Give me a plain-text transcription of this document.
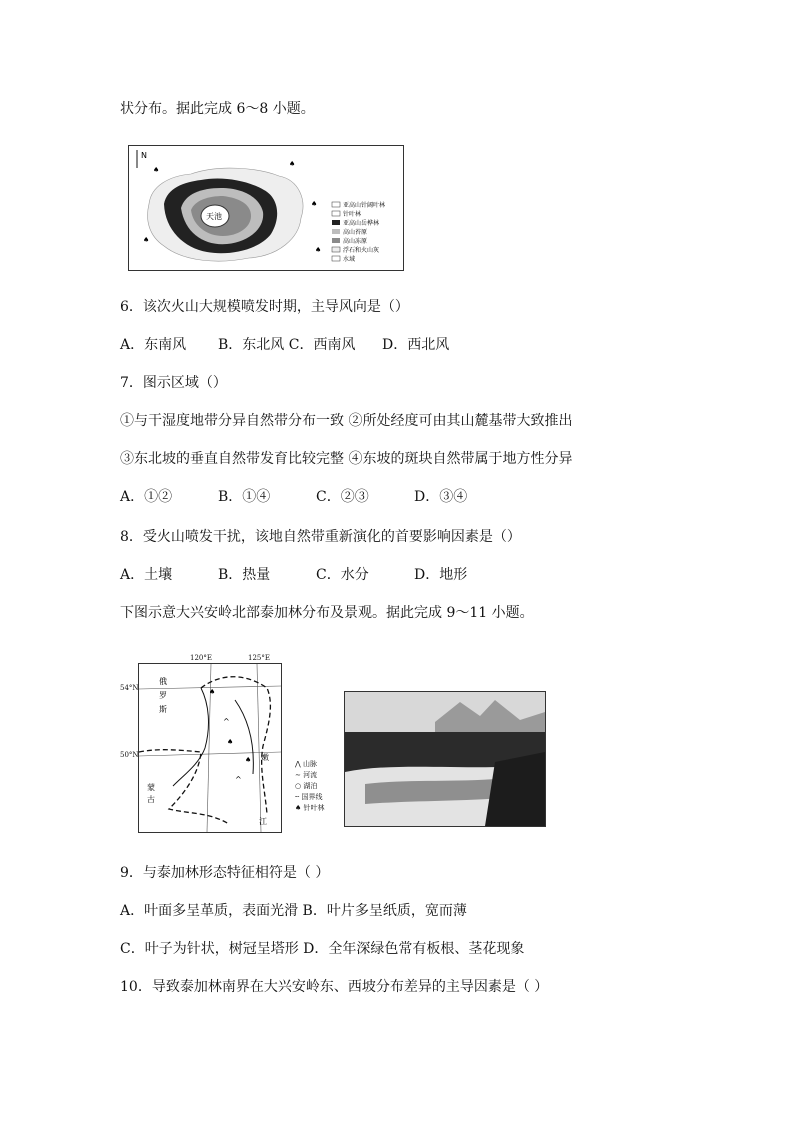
状分布。据此完成 6～8 小题。
N
天池
♠
♠
♠
♠
♠
亚高山针阔叶林
针叶林
亚高山岳桦林
高山苔原
高山冻原
浮石和火山灰
水域
6．该次火山大规模喷发时期，主导风向是（）
A．东南风 B．东北风 C．西南风 D．西北风
7．图示区域（）
①与干湿度地带分异自然带分布一致 ②所处经度可由其山麓基带大致推出
③东北坡的垂直自然带发育比较完整 ④东坡的斑块自然带属于地方性分异
A．①②	B．①④	C．②③	D．③④
8．受火山喷发干扰，该地自然带重新演化的首要影响因素是（）
A．土壤	B．热量	C．水分	D．地形
下图示意大兴安岭北部泰加林分布及景观。据此完成 9～11 小题。
^
^
♠
♠
♠
俄罗斯
蒙古
嫩
江
120°E	125°E
54°N
50°N
⋀ 山脉
∼ 河流
○ 湖泊
╌ 国界线
♠ 针叶林
9．与泰加林形态特征相符是（ ）
A．叶面多呈革质，表面光滑 B．叶片多呈纸质，宽而薄
C．叶子为针状，树冠呈塔形 D．全年深绿色常有板根、茎花现象
10．导致泰加林南界在大兴安岭东、西坡分布差异的主导因素是（ ）
